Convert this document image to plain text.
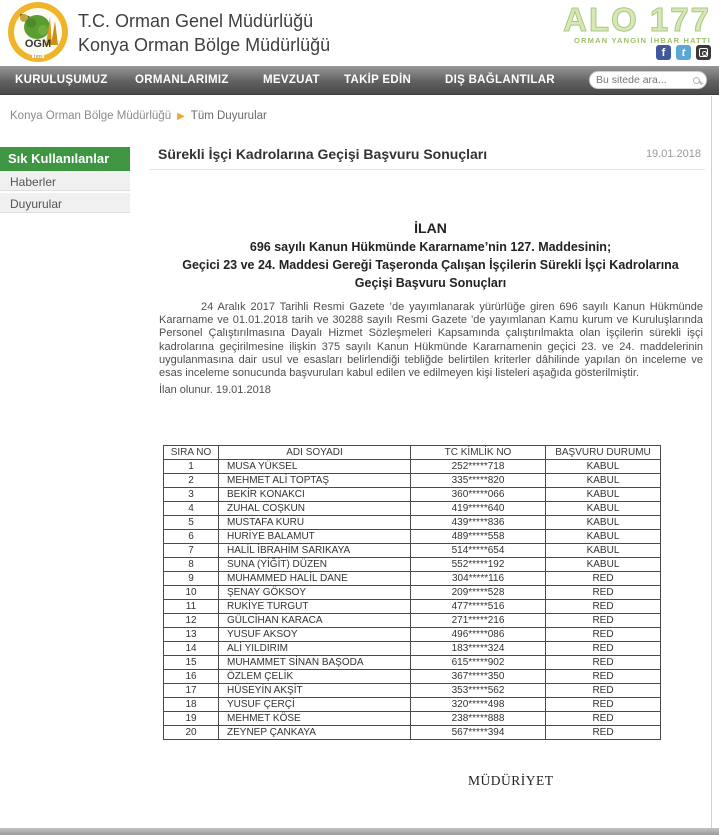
OGM
1839
T.C. Orman Genel Müdürlüğü
Konya Orman Bölge Müdürlüğü
ALO 177
ORMAN YANGIN İHBAR HATTI
f	t
KURULUŞUMUZ ORMANLARIMIZ	MEVZUAT TAKİP EDİN	DIŞ BAĞLANTILAR
Bu sitede ara...
Konya Orman Bölge Müdürlüğü ▶ Tüm Duyurular
Sık Kullanılanlar
Haberler
Duyurular
Sürekli İşçi Kadrolarına Geçişi Başvuru Sonuçları	19.01.2018
İLAN
696 sayılı Kanun Hükmünde Kararname’nin 127. Maddesinin;
Geçici 23 ve 24. Maddesi Gereği Taşeronda Çalışan İşçilerin Sürekli İşçi Kadrolarına
Geçişi Başvuru Sonuçları
24 Aralık 2017 Tarihli Resmi Gazete ’de yayımlanarak yürürlüğe giren 696 sayılı Kanun Hükmünde Kararname ve 01.01.2018 tarih ve 30288 sayılı Resmi Gazete ’de yayımlanan Kamu kurum ve Kuruluşlarında Personel Çalıştırılmasına Dayalı Hizmet Sözleşmeleri Kapsamında çalıştırılmakta olan işçilerin sürekli işçi kadrolarına geçirilmesine ilişkin 375 sayılı Kanun Hükmünde Kararnamenin geçici 23. ve 24. maddelerinin uygulanmasına dair usul ve esasları belirlendiği tebliğde belirtilen kriterler dâhilinde yapılan ön inceleme ve esas inceleme sonucunda başvuruları kabul edilen ve edilmeyen kişi listeleri aşağıda gösterilmiştir.
İlan olunur. 19.01.2018
SIRA NO	ADI SOYADI	TC KİMLİK NO	BAŞVURU DURUMU
1	MUSA YÜKSEL	252*****718	KABUL
2	MEHMET ALİ TOPTAŞ	335*****820	KABUL
3	BEKİR KONAKCI	360*****066	KABUL
4	ZUHAL COŞKUN	419*****640	KABUL
5	MUSTAFA KURU	439*****836	KABUL
6	HURİYE BALAMUT	489*****558	KABUL
7	HALİL İBRAHİM SARIKAYA	514*****654	KABUL
8	SUNA (YİĞİT) DÜZEN	552*****192	KABUL
9	MUHAMMED HALİL DANE	304*****116	RED
10	ŞENAY GÖKSOY	209*****528	RED
11	RUKİYE TURGUT	477*****516	RED
12	GÜLCİHAN KARACA	271*****216	RED
13	YUSUF AKSOY	496*****086	RED
14	ALİ YILDIRIM	183*****324	RED
15	MUHAMMET SİNAN BAŞODA	615*****902	RED
16	ÖZLEM ÇELİK	367*****350	RED
17	HÜSEYİN AKŞİT	353*****562	RED
18	YUSUF ÇERÇİ	320*****498	RED
19	MEHMET KÖSE	238*****888	RED
20	ZEYNEP ÇANKAYA	567*****394	RED
MÜDÜRİYET
